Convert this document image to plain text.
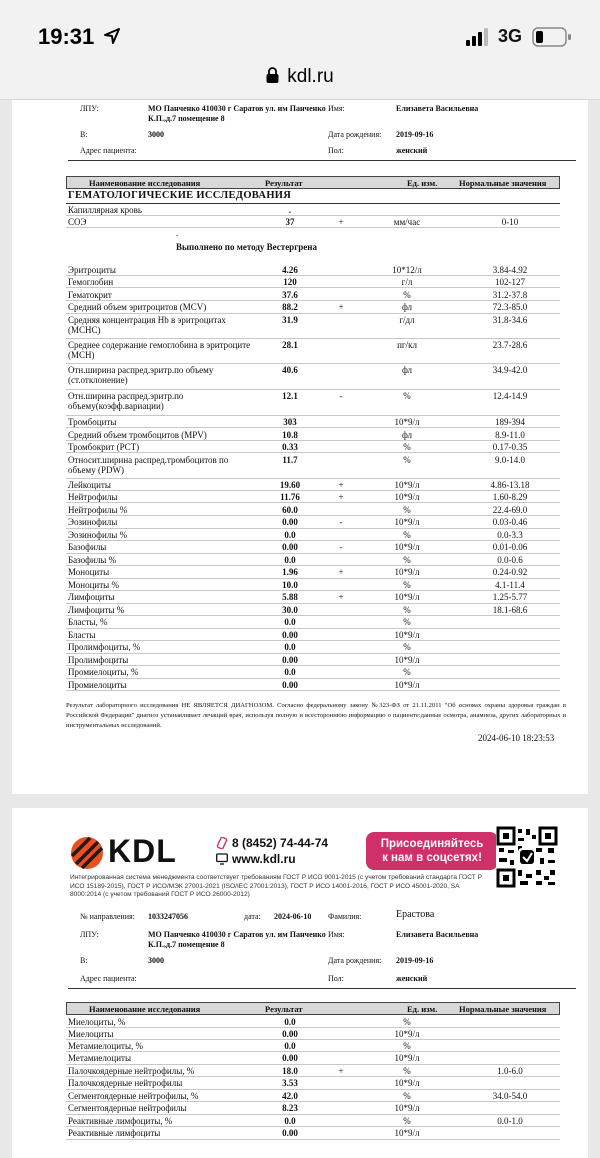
19:31	3G
kdl.ru
ЛПУ:	МО Панченко 410030 г Саратов ул. им Панченко
К.П.,д.7 помещение 8
Имя:	Елизавета Васильевна
В:	3000	Дата рождения: 2019-09-16
Адрес пациента:	Пол:	женский
Наименование исследования	Результат	Ед. изм.	Нормальные значения
ГЕМАТОЛОГИЧЕСКИЕ ИССЛЕДОВАНИЯ
.
Выполнено по методу Вестергрена
Капиллярная кровь	.
СОЭ	37	+	мм/час	0-10
Эритроциты	4.26	10*12/л	3.84-4.92
Гемоглобин	120	г/л	102-127
Гематокрит	37.6	%	31.2-37.8
Средний объем эритроцитов (MCV)	88.2	+	фл	72.3-85.0
Средняя концентрация Hb в эритроцитах (МСНС)
31.9	г/дл	31.8-34.6
Среднее содержание гемоглобина в эритроците (MCH)
28.1	пг/кл	23.7-28.6
Отн.ширина распред.эритр.по объему (ст.отклонение)
40.6	фл	34.9-42.0
Отн.ширина распред.эритр.по объему(коэфф.вариации)
12.1	-	%	12.4-14.9
Тромбоциты	303	10*9/л	189-394
Средний объем тромбоцитов (MPV)	10.8	фл	8.9-11.0
Тромбокрит (PCT)	0.33	%	0.17-0.35
Относит.ширина распред.тромбоцитов по объему (PDW)
11.7	%	9.0-14.0
Лейкоциты	19.60	+	10*9/л	4.86-13.18
Нейтрофилы	11.76	+	10*9/л	1.60-8.29
Нейтрофилы %	60.0	%	22.4-69.0
Эозинофилы	0.00	-	10*9/л	0.03-0.46
Эозинофилы %	0.0	%	0.0-3.3
Базофилы	0.00	-	10*9/л	0.01-0.06
Базофилы %	0.0	%	0.0-0.6
Моноциты	1.96	+	10*9/л	0.24-0.92
Моноциты %	10.0	%	4.1-11.4
Лимфоциты	5.88	+	10*9/л	1.25-5.77
Лимфоциты %	30.0	%	18.1-68.6
Бласты, %	0.0	%
Бласты	0.00	10*9/л
Пролимфоциты, %	0.0	%
Пролимфоциты	0.00	10*9/л
Промиелоциты, %	0.0	%
Промиелоциты	0.00	10*9/л
Результат лабораторного исследования НЕ ЯВЛЯЕТСЯ ДИАГНОЗОМ. Согласно федеральному закону №323-ФЗ от 21.11.2011 "Об основах охраны здоровья граждан в Российской Федерации" диагноз устанавливает лечащий врач, используя полную и всестороннюю информацию о пациенте:данные осмотра, анамнеза, других лабораторных и инструментальных исследований.
2024-06-10 18:23:53
KDL	8 (8452) 74-44-74
www.kdl.ru
Присоединяйтесь
к нам в соцсетях!
Интегрированная система менеджмента соответствует требованиям ГОСТ Р ИСО 9001-2015 (с учетом требований стандарта ГОСТ Р ИСО 15189-2015), ГОСТ Р ИСО/МЭК 27001-2021 (ISO/IEC 27001:2013), ГОСТ Р ИСО 14001-2016, ГОСТ Р ИСО 45001-2020, SA 8000:2014 (с учетом требований ГОСТ Р ИСО 26000-2012)
№ направления: 1033247056	дата: 2024-06-10 Фамилия:	Ерастова
ЛПУ:	МО Панченко 410030 г Саратов ул. им Панченко
К.П.,д.7 помещение 8
Имя:	Елизавета Васильевна
В:	3000	Дата рождения: 2019-09-16
Адрес пациента:	Пол:	женский
Наименование исследования	Результат	Ед. изм.	Нормальные значения
Миелоциты, %	0.0	%
Миелоциты	0.00	10*9/л
Метамиелоциты, %	0.0	%
Метамиелоциты	0.00	10*9/л
Палочкоядерные нейтрофилы, %	18.0	+	%	1.0-6.0
Палочкоядерные нейтрофилы	3.53	10*9/л
Сегментоядерные нейтрофилы, %	42.0	%	34.0-54.0
Сегментоядерные нейтрофилы	8.23	10*9/л
Реактивные лимфоциты, %	0.0	%	0.0-1.0
Реактивные лимфоциты	0.00	10*9/л
